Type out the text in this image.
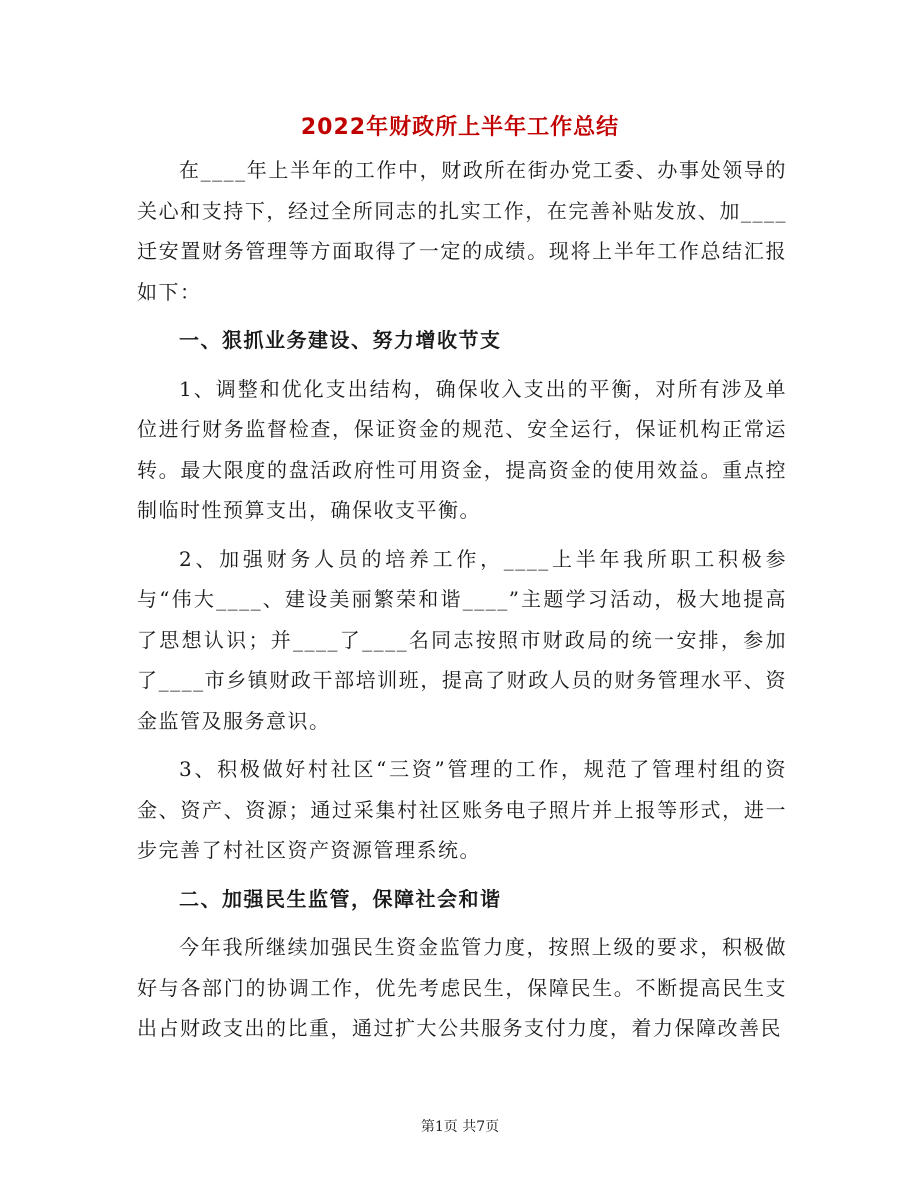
2022年财政所上半年工作总结

在____年上半年的工作中，财政所在街办党工委、办事处领导的关心和支持下，经过全所同志的扎实工作，在完善补贴发放、加____迁安置财务管理等方面取得了一定的成绩。现将上半年工作总结汇报如下：

一、狠抓业务建设、努力增收节支

1、调整和优化支出结构，确保收入支出的平衡，对所有涉及单位进行财务监督检查，保证资金的规范、安全运行，保证机构正常运转。最大限度的盘活政府性可用资金，提高资金的使用效益。重点控制临时性预算支出，确保收支平衡。

2、加强财务人员的培养工作，____上半年我所职工积极参与“伟大____、建设美丽繁荣和谐____”主题学习活动，极大地提高了思想认识；并____了____名同志按照市财政局的统一安排，参加了____市乡镇财政干部培训班，提高了财政人员的财务管理水平、资金监管及服务意识。

3、积极做好村社区“三资”管理的工作，规范了管理村组的资金、资产、资源；通过采集村社区账务电子照片并上报等形式，进一步完善了村社区资产资源管理系统。

二、加强民生监管，保障社会和谐

今年我所继续加强民生资金监管力度，按照上级的要求，积极做好与各部门的协调工作，优先考虑民生，保障民生。不断提高民生支出占财政支出的比重，通过扩大公共服务支付力度，着力保障改善民

第1页 共7页
